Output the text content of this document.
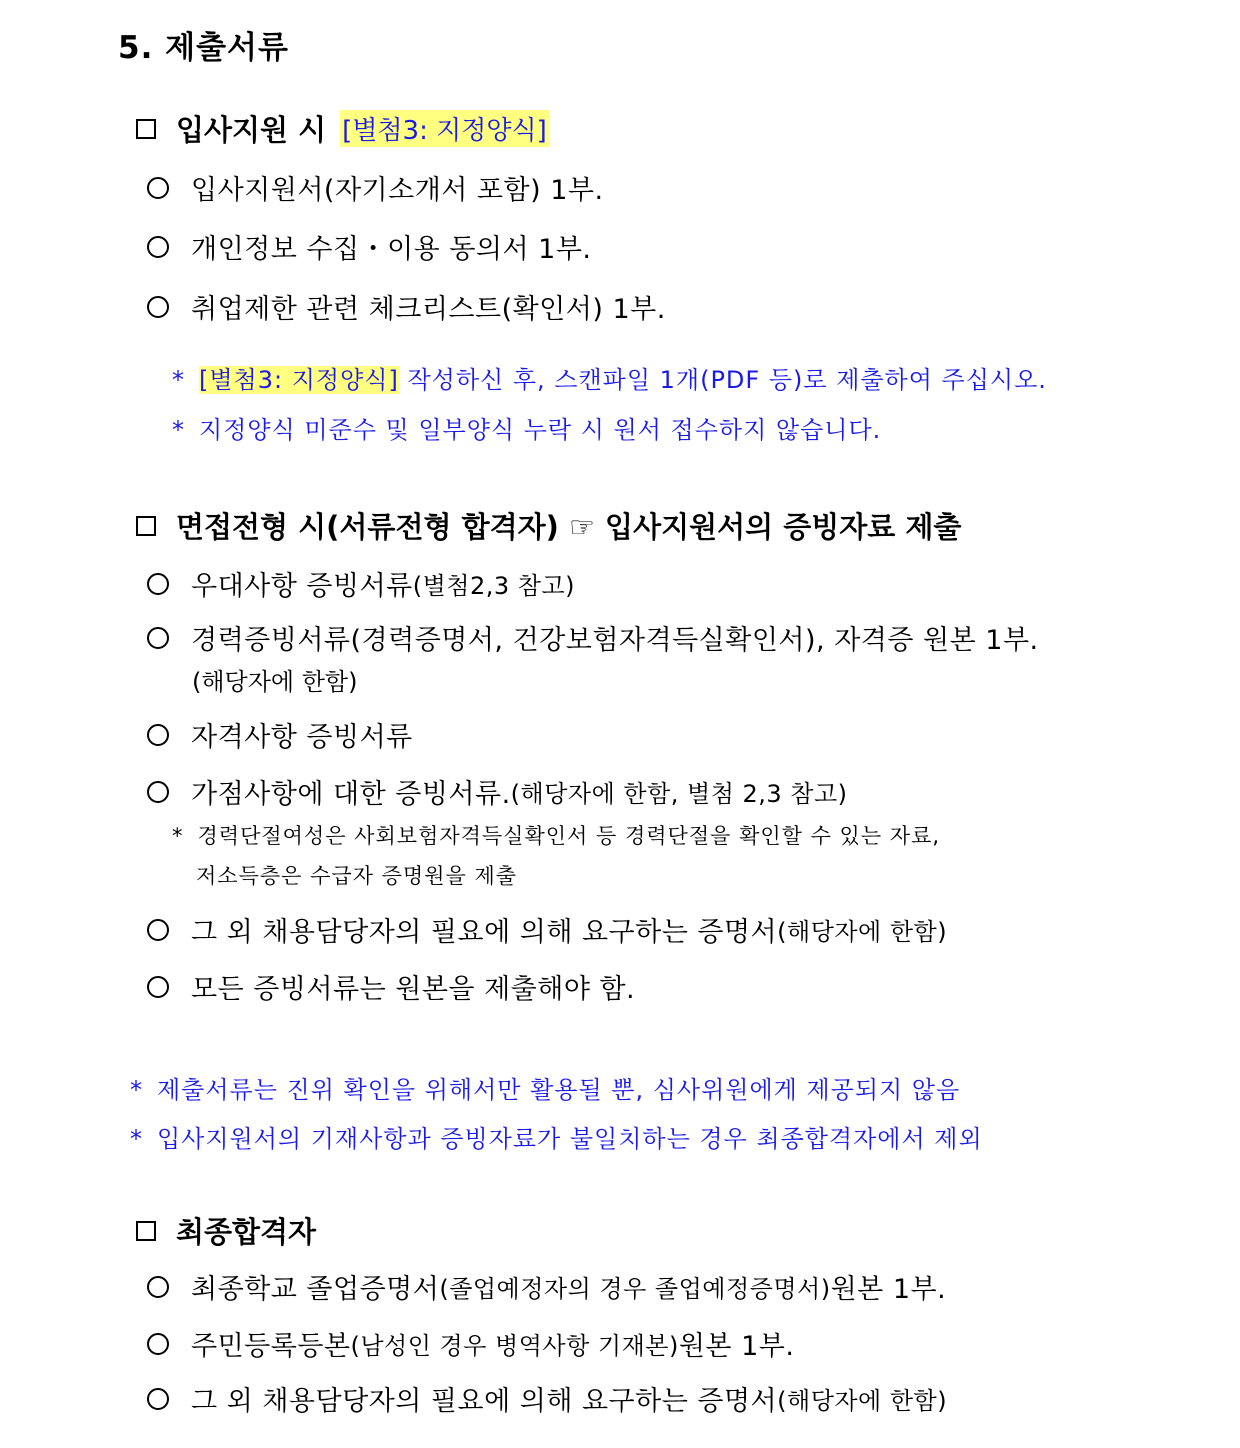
5. 제출서류
입사지원 시 [별첨3: 지정양식]
입사지원서(자기소개서 포함) 1부.
개인정보 수집・이용 동의서 1부.
취업제한 관련 체크리스트(확인서) 1부.
* [별첨3: 지정양식] 작성하신 후, 스캔파일 1개(PDF 등)로 제출하여 주십시오.
* 지정양식 미준수 및 일부양식 누락 시 원서 접수하지 않습니다.
면접전형 시(서류전형 합격자) ☞ 입사지원서의 증빙자료 제출
우대사항 증빙서류 (별첨2,3 참고)
경력증빙서류(경력증명서, 건강보험자격득실확인서), 자격증 원본 1부.
(해당자에 한함)
자격사항 증빙서류
가점사항에 대한 증빙서류. (해당자에 한함, 별첨 2,3 참고)
* 경력단절여성은 사회보험자격득실확인서 등 경력단절을 확인할 수 있는 자료,
저소득층은 수급자 증명원을 제출
그 외 채용담당자의 필요에 의해 요구하는 증명서 (해당자에 한함)
모든 증빙서류는 원본을 제출해야 함.
* 제출서류는 진위 확인을 위해서만 활용될 뿐, 심사위원에게 제공되지 않음
* 입사지원서의 기재사항과 증빙자료가 불일치하는 경우 최종합격자에서 제외
최종합격자
최종학교 졸업증명서 (졸업예정자의 경우 졸업예정증명서) 원본 1부.
주민등록등본 (남성인 경우 병역사항 기재본) 원본 1부.
그 외 채용담당자의 필요에 의해 요구하는 증명서 (해당자에 한함)
